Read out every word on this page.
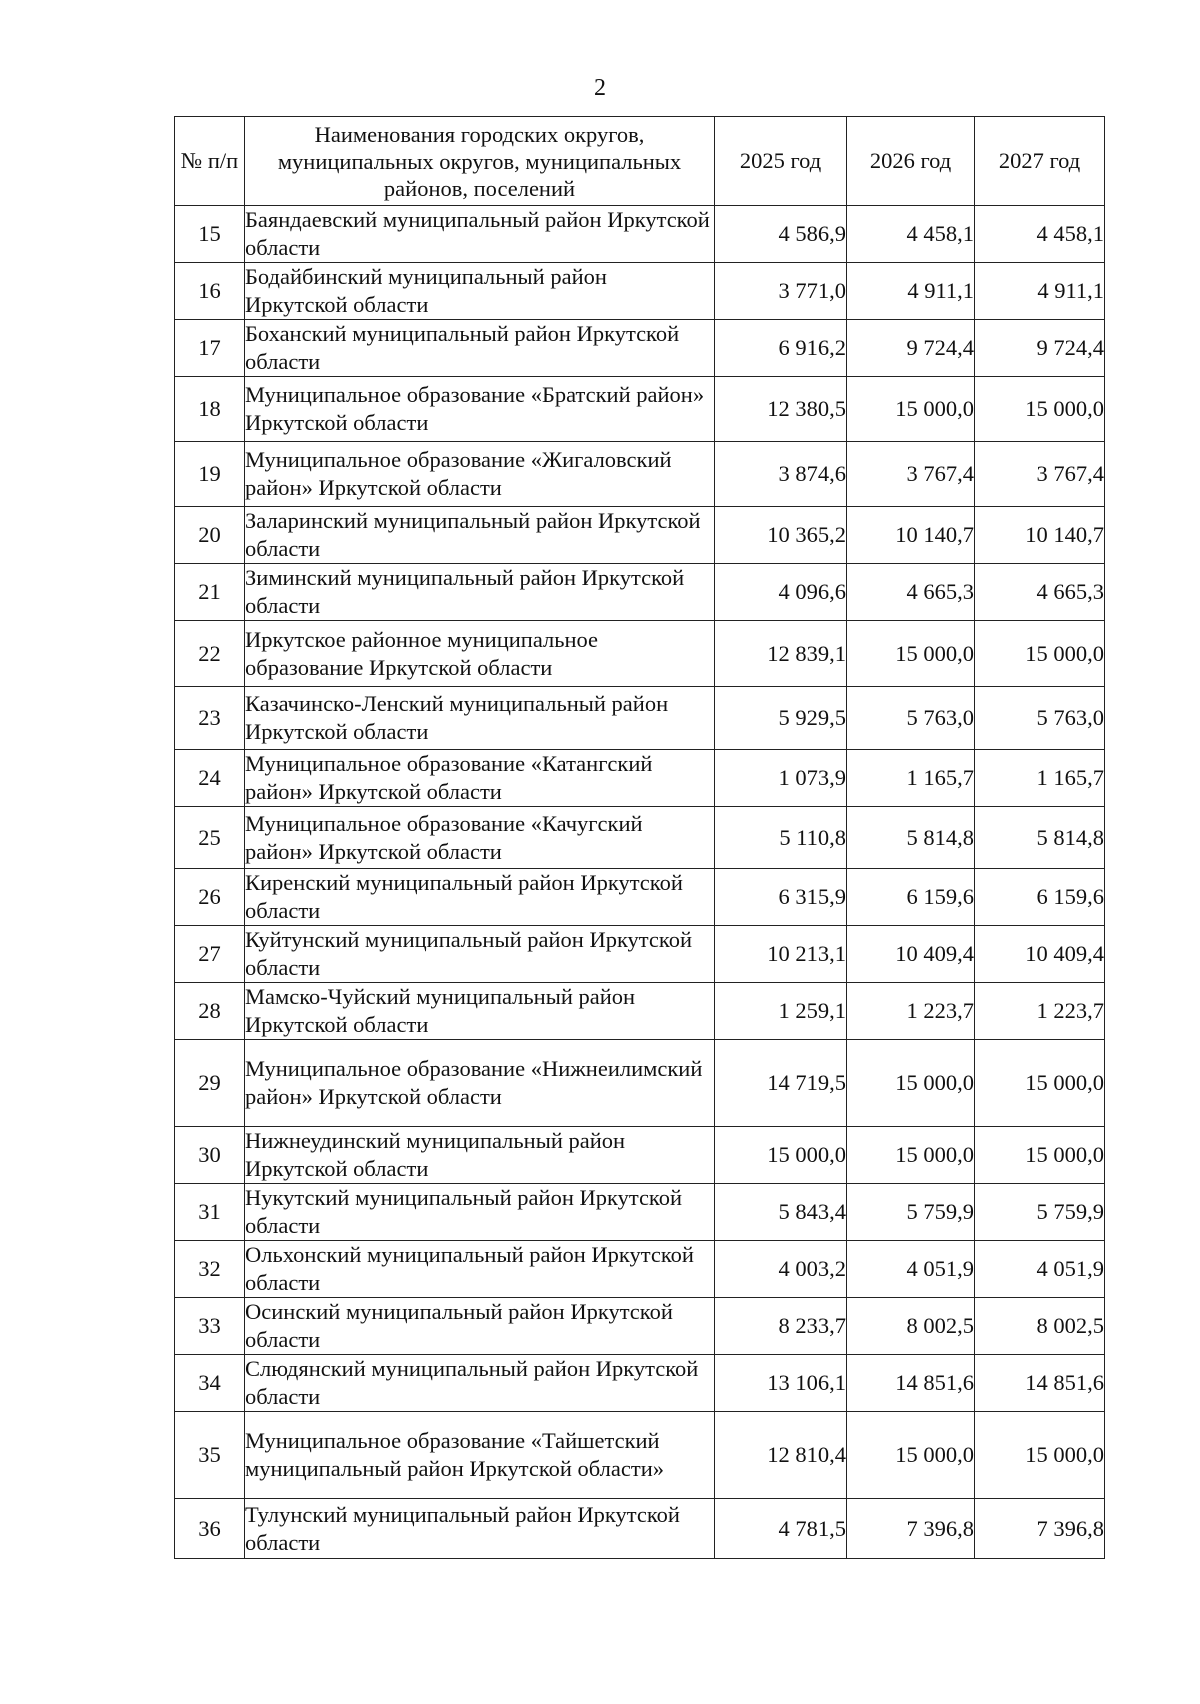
2
№ п/п	Наименования городских округов, муниципальных округов, муниципальных районов, поселений	2025 год	2026 год	2027 год
15	Баяндаевский муниципальный район Иркутской области	4 586,9	4 458,1	4 458,1
16	Бодайбинский муниципальный район Иркутской области	3 771,0	4 911,1	4 911,1
17	Боханский муниципальный район Иркутской области	6 916,2	9 724,4	9 724,4
18	Муниципальное образование «Братский район» Иркутской области	12 380,5	15 000,0	15 000,0
19	Муниципальное образование «Жигаловский район» Иркутской области	3 874,6	3 767,4	3 767,4
20	Заларинский муниципальный район Иркутской области	10 365,2	10 140,7	10 140,7
21	Зиминский муниципальный район Иркутской области	4 096,6	4 665,3	4 665,3
22	Иркутское районное муниципальное образование Иркутской области	12 839,1	15 000,0	15 000,0
23	Казачинско-Ленский муниципальный район Иркутской области	5 929,5	5 763,0	5 763,0
24	Муниципальное образование «Катангский район» Иркутской области	1 073,9	1 165,7	1 165,7
25	Муниципальное образование «Качугский район» Иркутской области	5 110,8	5 814,8	5 814,8
26	Киренский муниципальный район Иркутской области	6 315,9	6 159,6	6 159,6
27	Куйтунский муниципальный район Иркутской области	10 213,1	10 409,4	10 409,4
28	Мамско-Чуйский муниципальный район Иркутской области	1 259,1	1 223,7	1 223,7
29	Муниципальное образование «Нижнеилимский район» Иркутской области	14 719,5	15 000,0	15 000,0
30	Нижнеудинский муниципальный район Иркутской области	15 000,0	15 000,0	15 000,0
31	Нукутский муниципальный район Иркутской области	5 843,4	5 759,9	5 759,9
32	Ольхонский муниципальный район Иркутской области	4 003,2	4 051,9	4 051,9
33	Осинский муниципальный район Иркутской области	8 233,7	8 002,5	8 002,5
34	Слюдянский муниципальный район Иркутской области	13 106,1	14 851,6	14 851,6
35	Муниципальное образование «Тайшетский муниципальный район Иркутской области»	12 810,4	15 000,0	15 000,0
36	Тулунский муниципальный район Иркутской области	4 781,5	7 396,8	7 396,8
